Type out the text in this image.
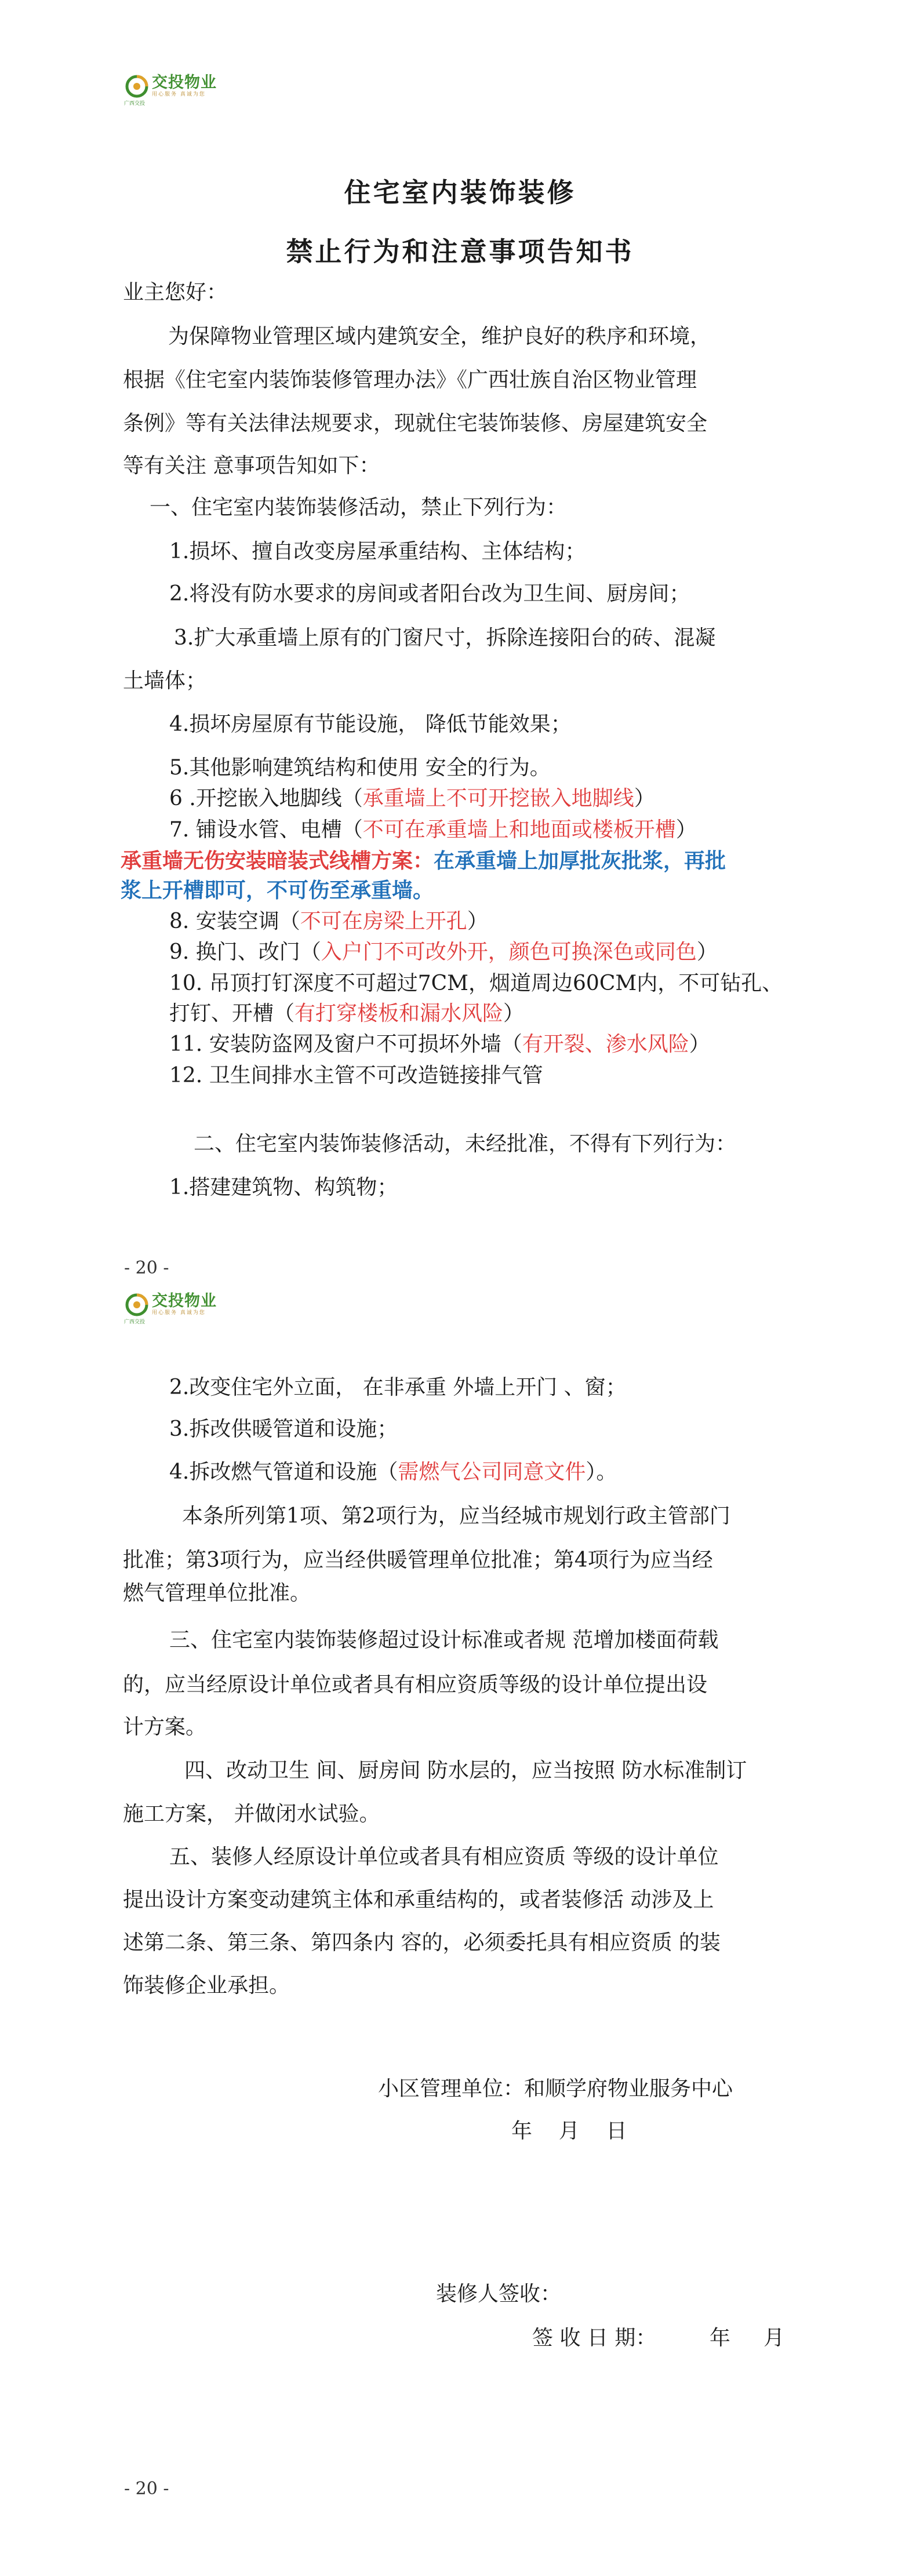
广西交投
交投物业
用心服务 真诚为您
住宅室内装饰装修
禁止行为和注意事项告知书
业主您好：
为保障物业管理区域内建筑安全，维护良好的秩序和环境，
根据《住宅室内装饰装修管理办法》《广西壮族自治区物业管理
条例》等有关法律法规要求，现就住宅装饰装修、房屋建筑安全
等有关注 意事项告知如下：
一、住宅室内装饰装修活动，禁止下列行为：
1.损坏、擅自改变房屋承重结构、主体结构；
2.将没有防水要求的房间或者阳台改为卫生间、厨房间；
3.扩大承重墙上原有的门窗尺寸，拆除连接阳台的砖、混凝
土墙体；
4.损坏房屋原有节能设施， 降低节能效果；
5.其他影响建筑结构和使用 安全的行为。
6 .开挖嵌入地脚线（承重墙上不可开挖嵌入地脚线）
7. 铺设水管、电槽（不可在承重墙上和地面或楼板开槽）
承重墙无伤安装暗装式线槽方案：在承重墙上加厚批灰批浆，再批
浆上开槽即可，不可伤至承重墙。
8. 安装空调（不可在房梁上开孔）
9. 换门、改门（入户门不可改外开，颜色可换深色或同色）
10. 吊顶打钉深度不可超过7CM，烟道周边60CM内，不可钻孔、
打钉、开槽（有打穿楼板和漏水风险）
11. 安装防盗网及窗户不可损坏外墙（有开裂、渗水风险）
12. 卫生间排水主管不可改造链接排气管
二、住宅室内装饰装修活动，未经批准，不得有下列行为：
1.搭建建筑物、构筑物；
- 20 -
广西交投
交投物业
用心服务 真诚为您
2.改变住宅外立面， 在非承重 外墙上开门 、窗；
3.拆改供暖管道和设施；
4.拆改燃气管道和设施（需燃气公司同意文件）。
本条所列第1项、第2项行为，应当经城市规划行政主管部门
批准；第3项行为，应当经供暖管理单位批准；第4项行为应当经
燃气管理单位批准。
三、住宅室内装饰装修超过设计标准或者规 范增加楼面荷载
的，应当经原设计单位或者具有相应资质等级的设计单位提出设
计方案。
四、改动卫生 间、厨房间 防水层的，应当按照 防水标准制订
施工方案， 并做闭水试验。
五、装修人经原设计单位或者具有相应资质 等级的设计单位
提出设计方案变动建筑主体和承重结构的，或者装修活 动涉及上
述第二条、第三条、第四条内 容的，必须委托具有相应资质 的装
饰装修企业承担。
小区管理单位：和顺学府物业服务中心
年    月    日
装修人签收：
签 收 日 期：        年     月
- 20 -
